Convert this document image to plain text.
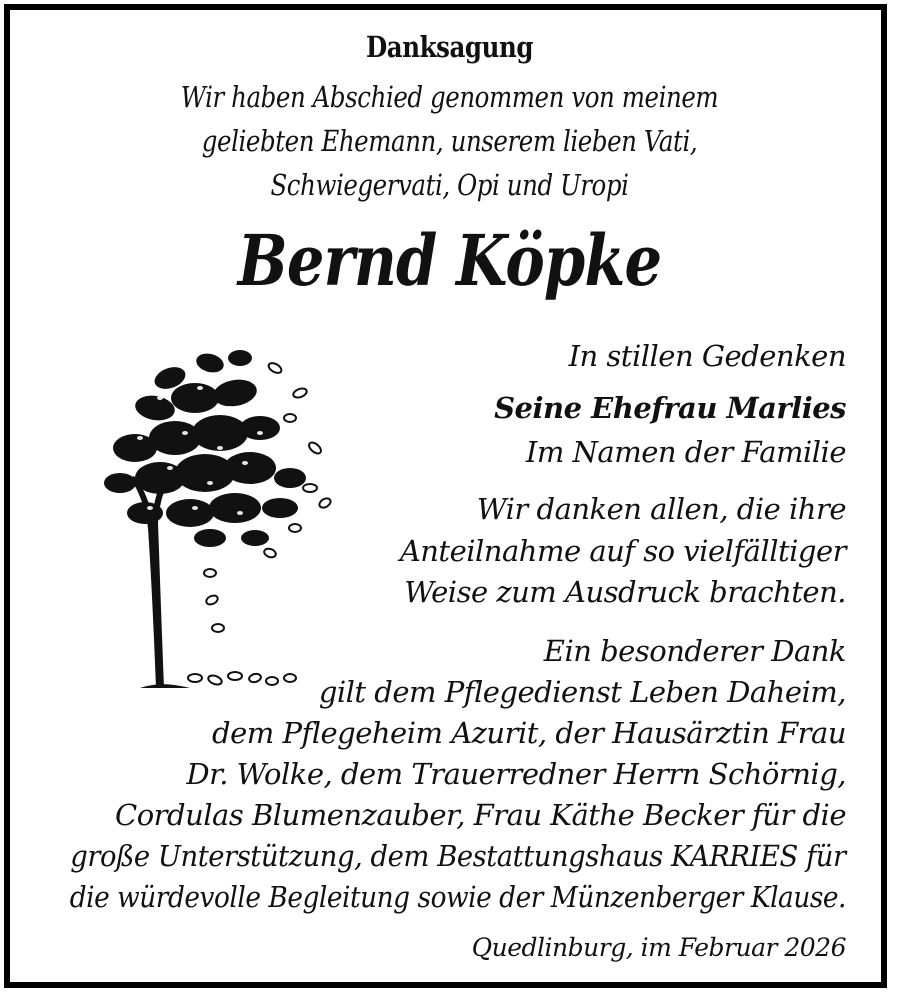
Danksagung
Wir haben Abschied genommen von meinem
geliebten Ehemann, unserem lieben Vati,
Schwiegervati, Opi und Uropi
Bernd Köpke
In stillen Gedenken
Seine Ehefrau Marlies
Im Namen der Familie
Wir danken allen, die ihre
Anteilnahme auf so vielfälltiger
Weise zum Ausdruck brachten.
Ein besonderer Dank
gilt dem Pflegedienst Leben Daheim,
dem Pflegeheim Azurit, der Hausärztin Frau
Dr. Wolke, dem Trauerredner Herrn Schörnig,
Cordulas Blumenzauber, Frau Käthe Becker für die
große Unterstützung, dem Bestattungshaus KARRIES für
die würdevolle Begleitung sowie der Münzenberger Klause.
Quedlinburg, im Februar 2026
